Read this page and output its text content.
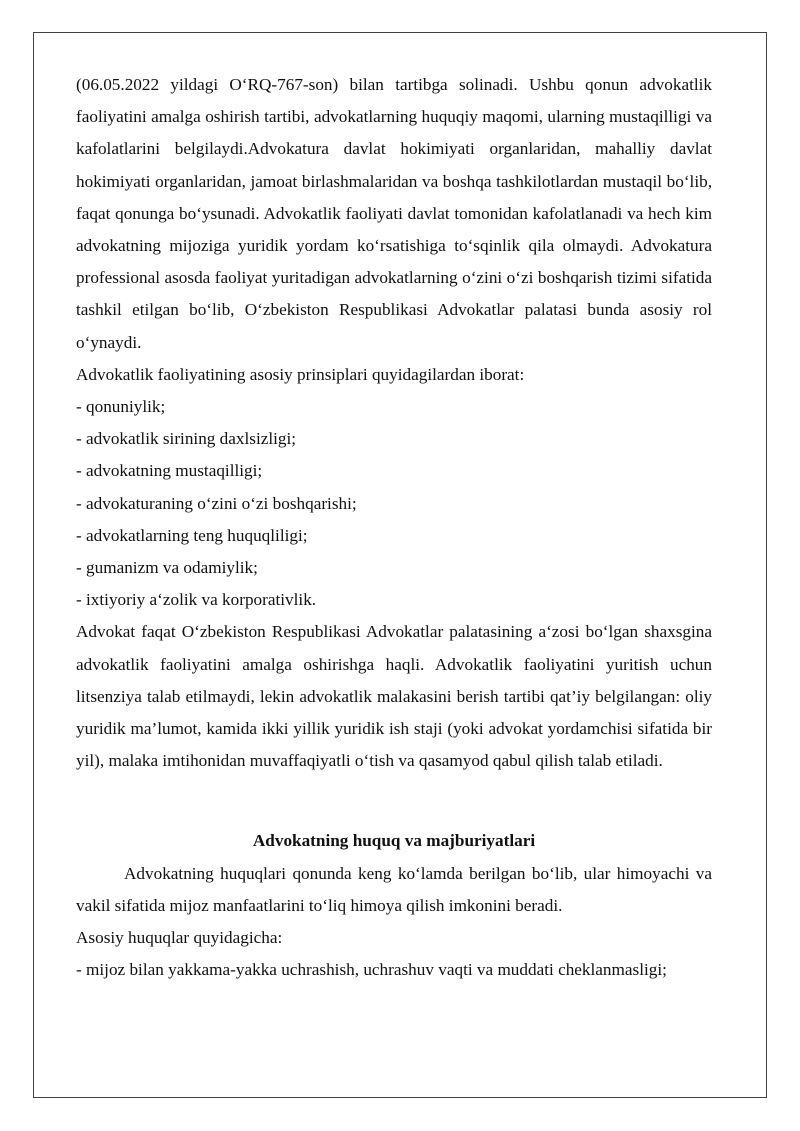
(06.05.2022 yildagi O‘RQ-767-son) bilan tartibga solinadi. Ushbu qonun advokatlik faoliyatini amalga oshirish tartibi, advokatlarning huquqiy maqomi, ularning mustaqilligi va kafolatlarini belgilaydi.Advokatura davlat hokimiyati organlaridan, mahalliy davlat hokimiyati organlaridan, jamoat birlashmalaridan va boshqa tashkilotlardan mustaqil bo‘lib, faqat qonunga bo‘ysunadi. Advokatlik faoliyati davlat tomonidan kafolatlanadi va hech kim advokatning mijoziga yuridik yordam ko‘rsatishiga to‘sqinlik qila olmaydi. Advokatura professional asosda faoliyat yuritadigan advokatlarning o‘zini o‘zi boshqarish tizimi sifatida tashkil etilgan bo‘lib, O‘zbekiston Respublikasi Advokatlar palatasi bunda asosiy rol o‘ynaydi.

Advokatlik faoliyatining asosiy prinsiplari quyidagilardan iborat:

- qonuniylik;

- advokatlik sirining daxlsizligi;

- advokatning mustaqilligi;

- advokaturaning o‘zini o‘zi boshqarishi;

- advokatlarning teng huquqliligi;

- gumanizm va odamiylik;

- ixtiyoriy a‘zolik va korporativlik.

Advokat faqat O‘zbekiston Respublikasi Advokatlar palatasining a‘zosi bo‘lgan shaxsgina advokatlik faoliyatini amalga oshirishga haqli. Advokatlik faoliyatini yuritish uchun litsenziya talab etilmaydi, lekin advokatlik malakasini berish tartibi qat’iy belgilangan: oliy yuridik ma’lumot, kamida ikki yillik yuridik ish staji (yoki advokat yordamchisi sifatida bir yil), malaka imtihonidan muvaffaqiyatli o‘tish va qasamyod qabul qilish talab etiladi.

Advokatning huquq va majburiyatlari

Advokatning huquqlari qonunda keng ko‘lamda berilgan bo‘lib, ular himoyachi va vakil sifatida mijoz manfaatlarini to‘liq himoya qilish imkonini beradi.

Asosiy huquqlar quyidagicha:

- mijoz bilan yakkama-yakka uchrashish, uchrashuv vaqti va muddati cheklanmasligi;
